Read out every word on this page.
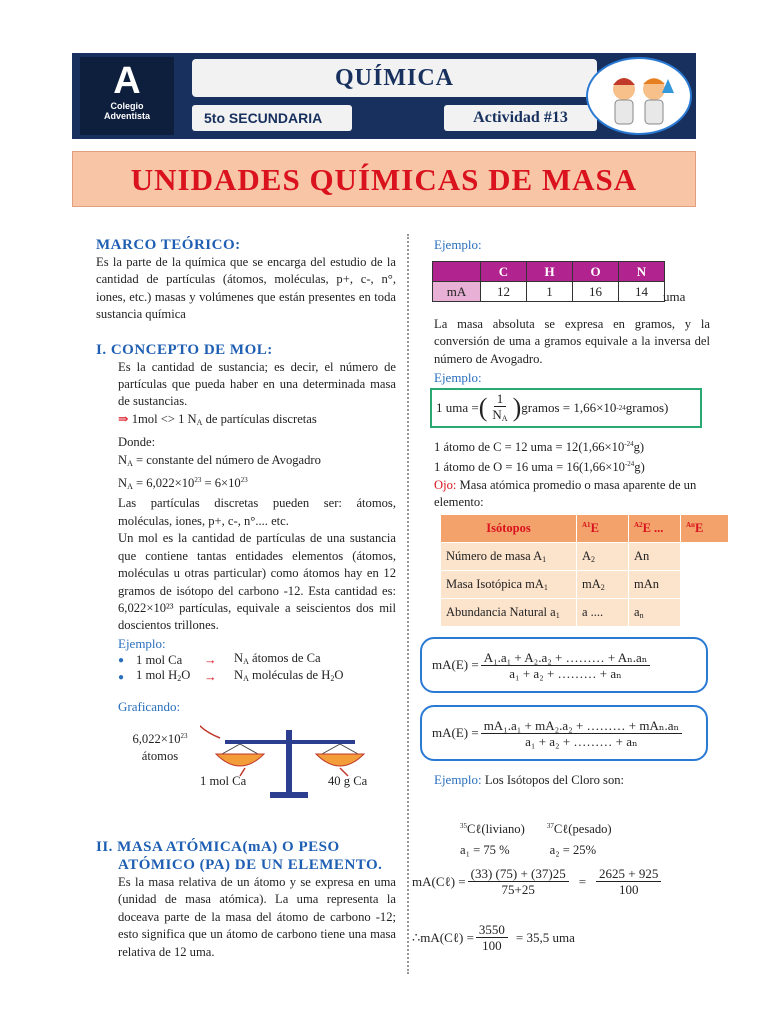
A
Colegio
Adventista
QUÍMICA
5to SECUNDARIA	Actividad #13
UNIDADES QUÍMICAS DE MASA
MARCO TEÓRICO:
Es la parte de la química que se encarga del estudio de la cantidad de partículas (átomos, moléculas, p+, c-, n°, iones, etc.) masas y volúmenes que están presentes en toda sustancia química
I. CONCEPTO DE MOL:
Es la cantidad de sustancia; es decir, el número de partículas que pueda haber en una determinada masa de sustancias.
⇒ 1mol <> 1 $N_A$ de partículas discretas
Donde:
$N_A$ = constante del número de Avogadro
$N_A = 6,022\times 10^{23} = 6\times 10^{23}$
Las partículas discretas pueden ser: átomos, moléculas, iones, p+, c-, n°.... etc.
Un mol es la cantidad de partículas de una sustancia que contiene tantas entidades elementos (átomos, moléculas u otras particular) como átomos hay en 12 gramos de isótopo del carbono -12. Esta cantidad es: 6,022×10²³ partículas, equivale a seiscientos dos mil doscientos trillones.
Ejemplo:
● 1 mol Ca	→	$N_A$ átomos de Ca
● 1 mol $H_2O$	→	$N_A$ moléculas de $H_2O$
Graficando:
$6,022\times 10^{23}$
átomos
1 mol Ca	40 g Ca
II. MASA ATÓMICA(mA) O PESO
ATÓMICO (PA) DE UN ELEMENTO.
Es la masa relativa de un átomo y se expresa en uma (unidad de masa atómica). La uma representa la doceava parte de la masa del átomo de carbono -12; esto significa que un átomo de carbono tiene una masa relativa de 12 uma.
Ejemplo:
	C	H	O	N
mA	12	1	16	14 uma
La masa absoluta se expresa en gramos, y la conversión de uma a gramos equivale a la inversa del número de Avogadro.
Ejemplo:
1 uma = ( $\frac{1}{N_A}$ ) gramos = 1,66×10 -24 gramos)
1 átomo de C = 12 uma = $12(1,66\times 10^{-24}g)$
1 átomo de O = 16 uma = $16(1,66\times 10^{-24}g)$
Ojo: Masa atómica promedio o masa aparente de un elemento:
Isótopos	$^{A1}$E	$^{A2}$E ...	$^{An}$E
Número de masa $A_1$	$A_2$	An	
Masa Isotópica $mA_1$	$mA_2$	mAn	
Abundancia Natural $a_1$	a ....	$a_n$
$mA(E) = \frac{\text{A₁.a₁ + A₂.a₂ + ……… + Aₙ.aₙ}}{\text{a₁ + a₂ + ……… + aₙ}}$
$mA(E) = \frac{\text{mA₁.a₁ + mA₂.a₂ + ……… + mAₙ.aₙ}}{\text{a₁ + a₂ + ……… + aₙ}}$
Ejemplo: Los Isótopos del Cloro son:
$^{35}$Cℓ(liviano)	$^{37}$Cℓ(pesado)
a₁ = 75 %	a₂ = 25%
mA(Cℓ) = $\frac{(33) (75) + (37)25}{75+25} = \frac{2625 + 925}{100}$
∴mA(Cℓ) = $\frac{3550}{100} = 35,5$ uma
